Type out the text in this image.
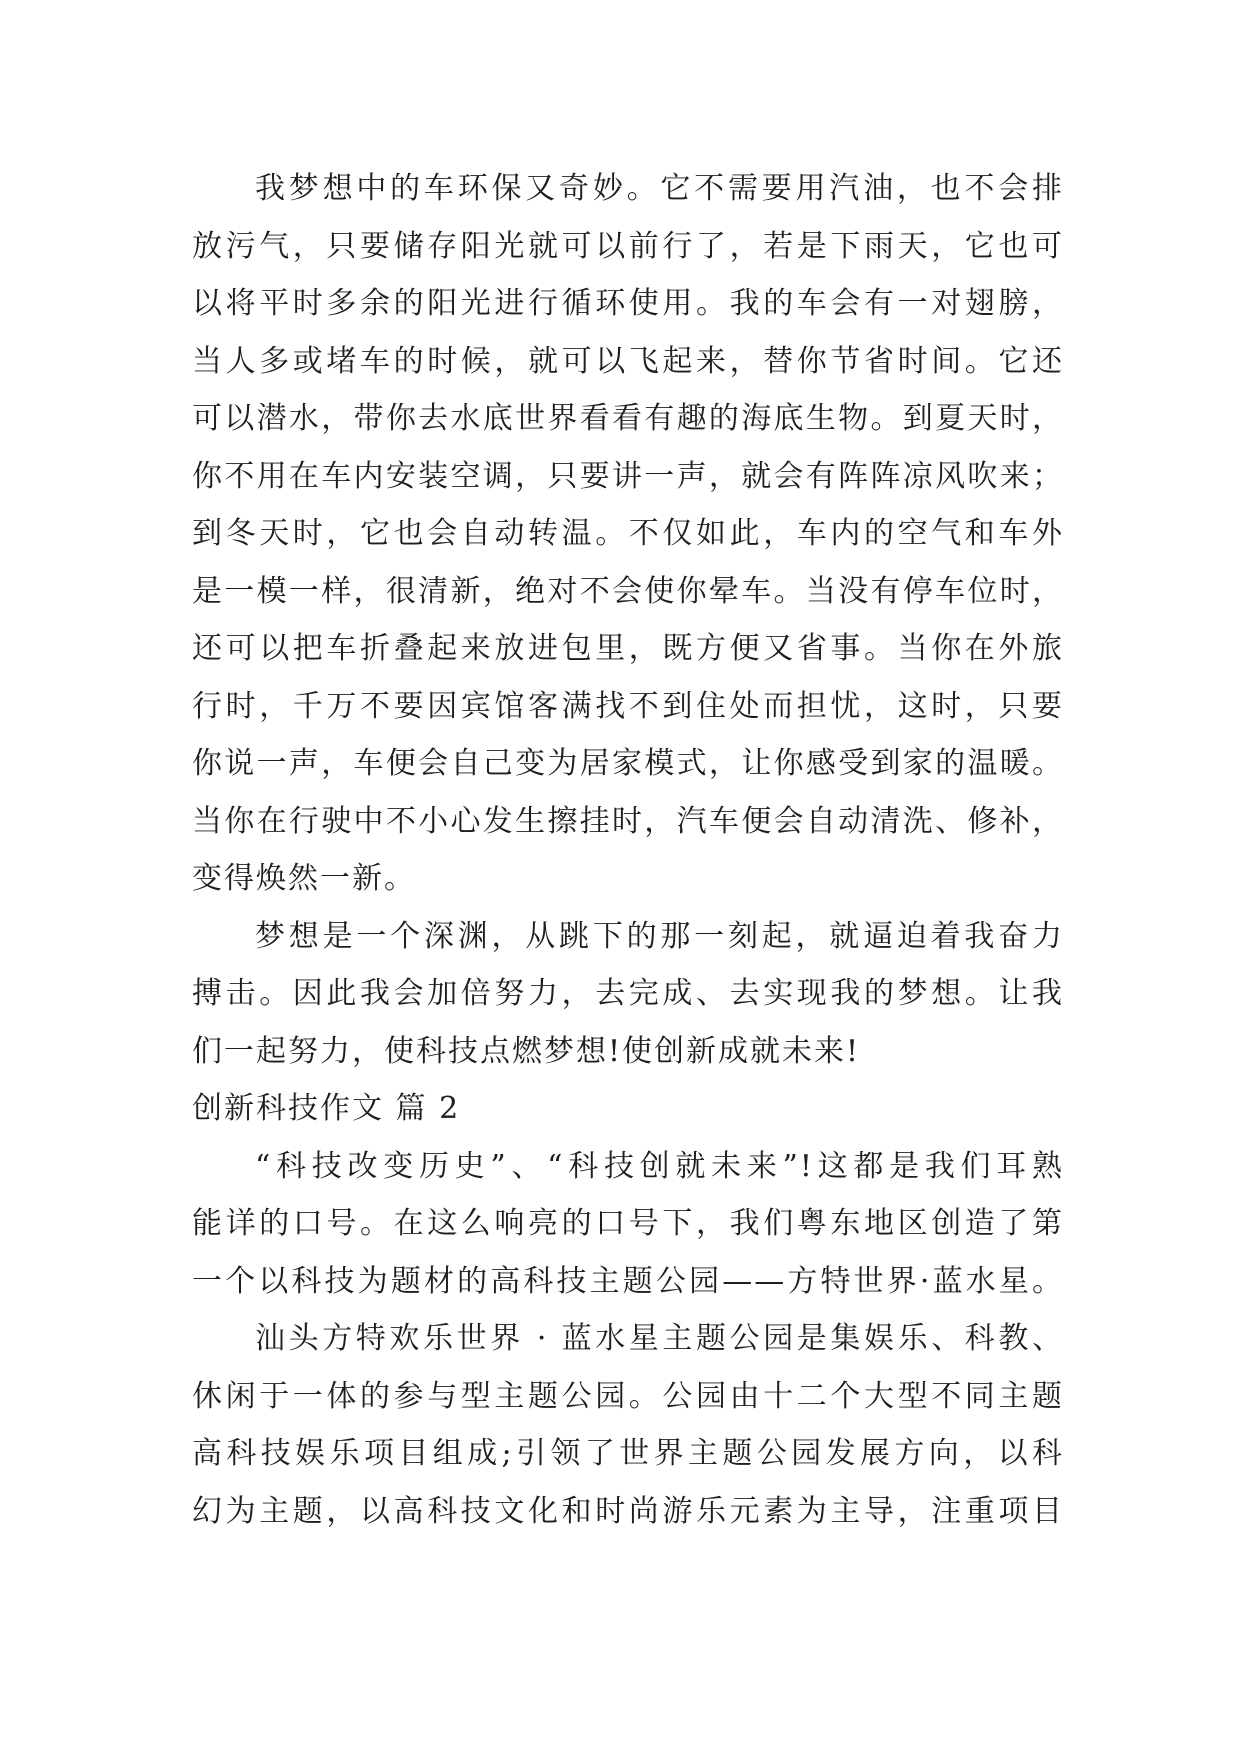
我梦想中的车环保又奇妙。它不需要用汽油，也不会排
放污气，只要储存阳光就可以前行了，若是下雨天，它也可
以将平时多余的阳光进行循环使用。我的车会有一对翅膀，
当人多或堵车的时候，就可以飞起来，替你节省时间。它还
可以潜水，带你去水底世界看看有趣的海底生物。到夏天时，
你不用在车内安装空调，只要讲一声，就会有阵阵凉风吹来；
到冬天时，它也会自动转温。不仅如此，车内的空气和车外
是一模一样，很清新，绝对不会使你晕车。当没有停车位时，
还可以把车折叠起来放进包里，既方便又省事。当你在外旅
行时，千万不要因宾馆客满找不到住处而担忧，这时，只要
你说一声，车便会自己变为居家模式，让你感受到家的温暖。
当你在行驶中不小心发生擦挂时，汽车便会自动清洗、修补，
变得焕然一新。
梦想是一个深渊，从跳下的那一刻起，就逼迫着我奋力
搏击。因此我会加倍努力，去完成、去实现我的梦想。让我
们一起努力，使科技点燃梦想!使创新成就未来!
创新科技作文 篇 2
“科技改变历史”、“科技创就未来”!这都是我们耳熟
能详的口号。在这么响亮的口号下，我们粤东地区创造了第
一个以科技为题材的高科技主题公园——方特世界·蓝水星。
汕头方特欢乐世界 · 蓝水星主题公园是集娱乐、科教、
休闲于一体的参与型主题公园。公园由十二个大型不同主题
高科技娱乐项目组成;引领了世界主题公园发展方向，以科
幻为主题，以高科技文化和时尚游乐元素为主导，注重项目
